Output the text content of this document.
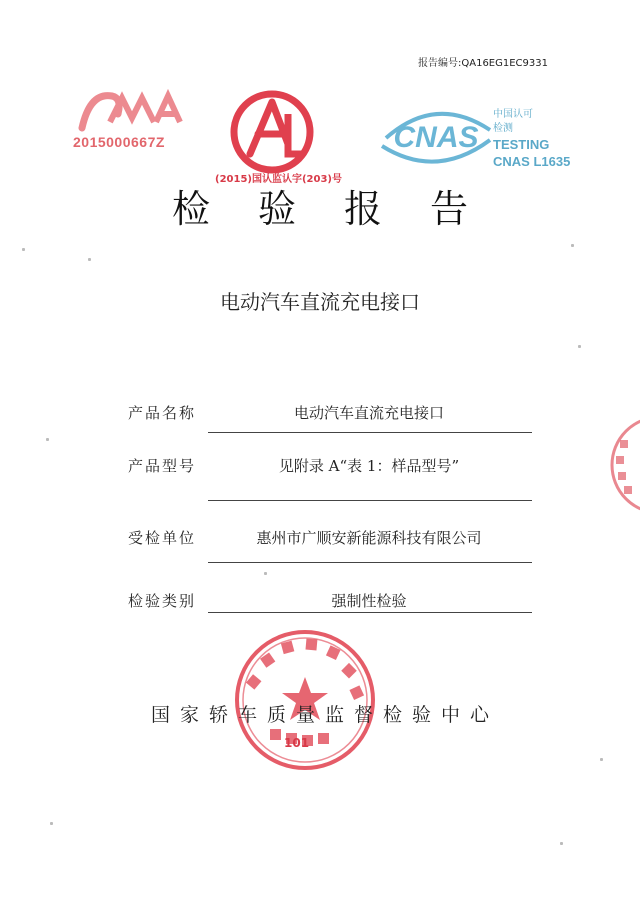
报告编号:QA16EG1EC9331
2015000667Z
(2015)国认监认字(203)号
CNAS
中国认可
检测
TESTING
CNAS L1635
检验报告
电动汽车直流充电接口
产品名称	电动汽车直流充电接口
产品型号	见附录 A“表 1：样品型号”
受检单位	惠州市广顺安新能源科技有限公司
检验类别	强制性检验
国家轿车质量监督检验中心
101
